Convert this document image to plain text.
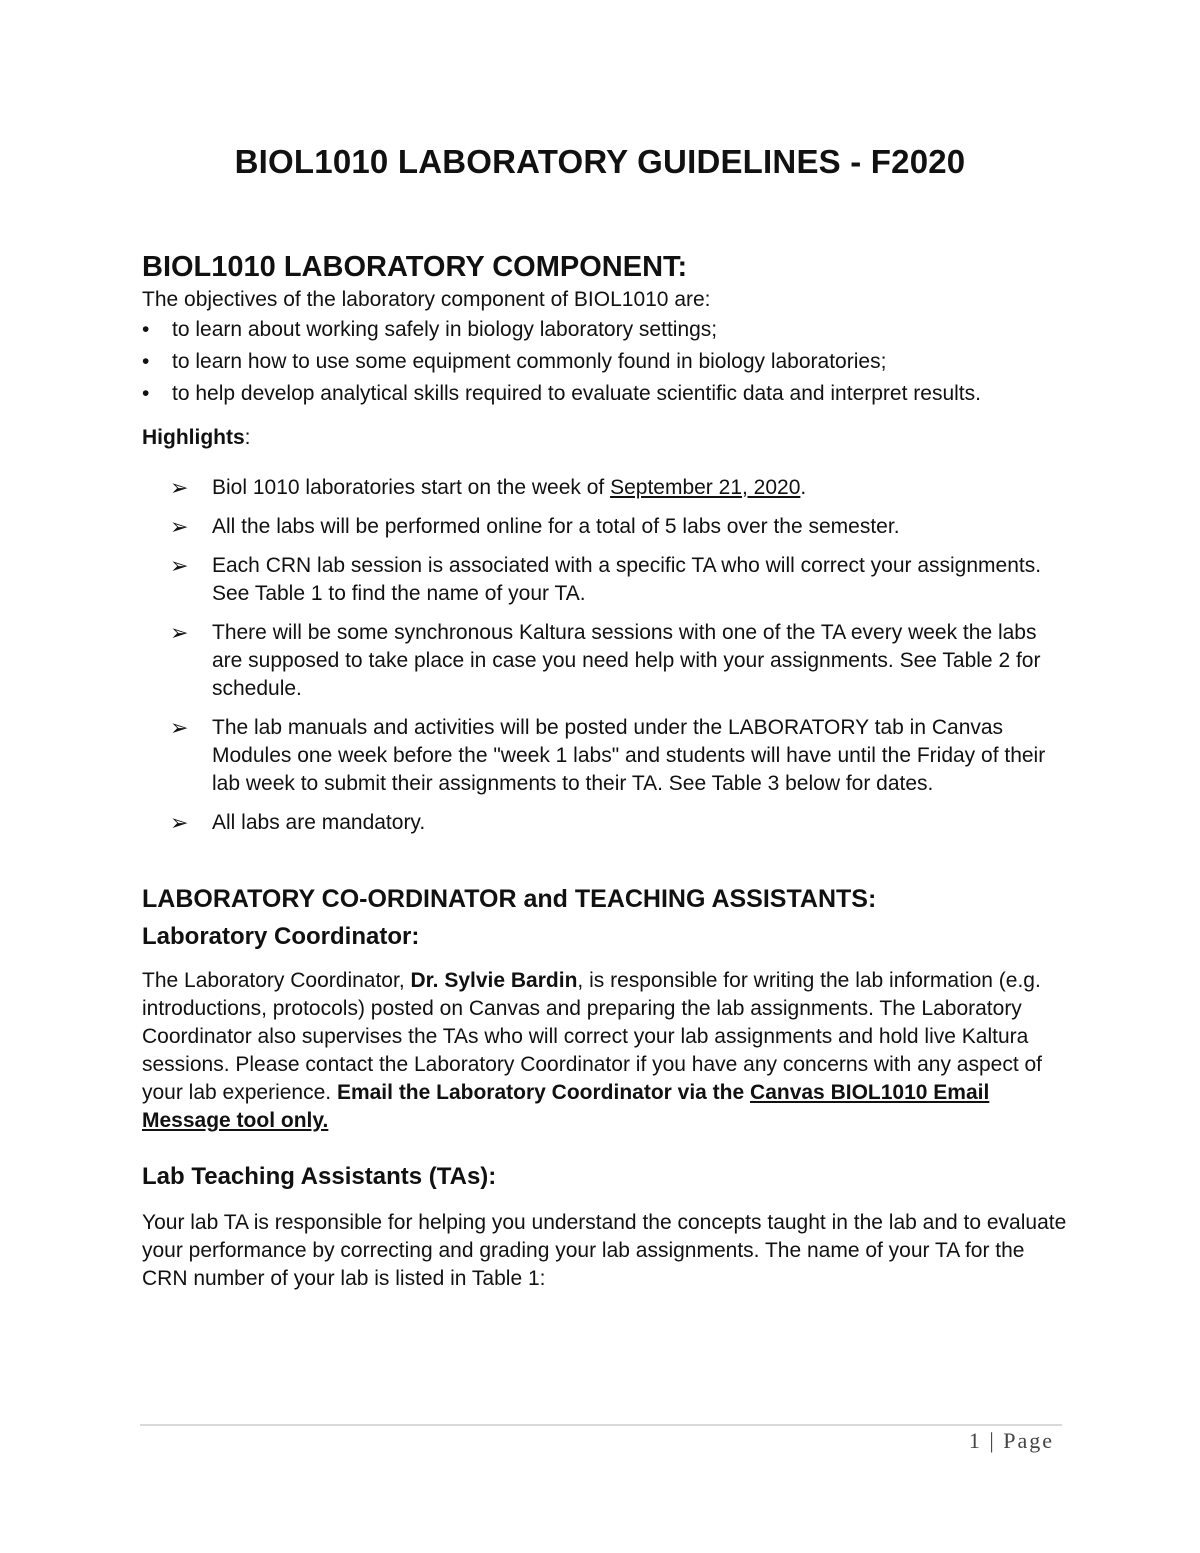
BIOL1010 LABORATORY GUIDELINES - F2020
BIOL1010 LABORATORY COMPONENT:

The objectives of the laboratory component of BIOL1010 are:

• to learn about working safely in biology laboratory settings;
• to learn how to use some equipment commonly found in biology laboratories;
• to help develop analytical skills required to evaluate scientific data and interpret results.

Highlights:

➢ Biol 1010 laboratories start on the week of September 21, 2020.
➢ All the labs will be performed online for a total of 5 labs over the semester.
➢ Each CRN lab session is associated with a specific TA who will correct your assignments. See Table 1 to find the name of your TA.
➢ There will be some synchronous Kaltura sessions with one of the TA every week the labs are supposed to take place in case you need help with your assignments. See Table 2 for schedule.
➢ The lab manuals and activities will be posted under the LABORATORY tab in Canvas Modules one week before the "week 1 labs" and students will have until the Friday of their lab week to submit their assignments to their TA. See Table 3 below for dates.
➢ All labs are mandatory.
LABORATORY CO-ORDINATOR and TEACHING ASSISTANTS:
Laboratory Coordinator:

The Laboratory Coordinator, Dr. Sylvie Bardin, is responsible for writing the lab information (e.g. introductions, protocols) posted on Canvas and preparing the lab assignments. The Laboratory Coordinator also supervises the TAs who will correct your lab assignments and hold live Kaltura sessions. Please contact the Laboratory Coordinator if you have any concerns with any aspect of your lab experience. Email the Laboratory Coordinator via the Canvas BIOL1010 Email Message tool only.

Lab Teaching Assistants (TAs):

Your lab TA is responsible for helping you understand the concepts taught in the lab and to evaluate your performance by correcting and grading your lab assignments. The name of your TA for the CRN number of your lab is listed in Table 1:

1 | Page
